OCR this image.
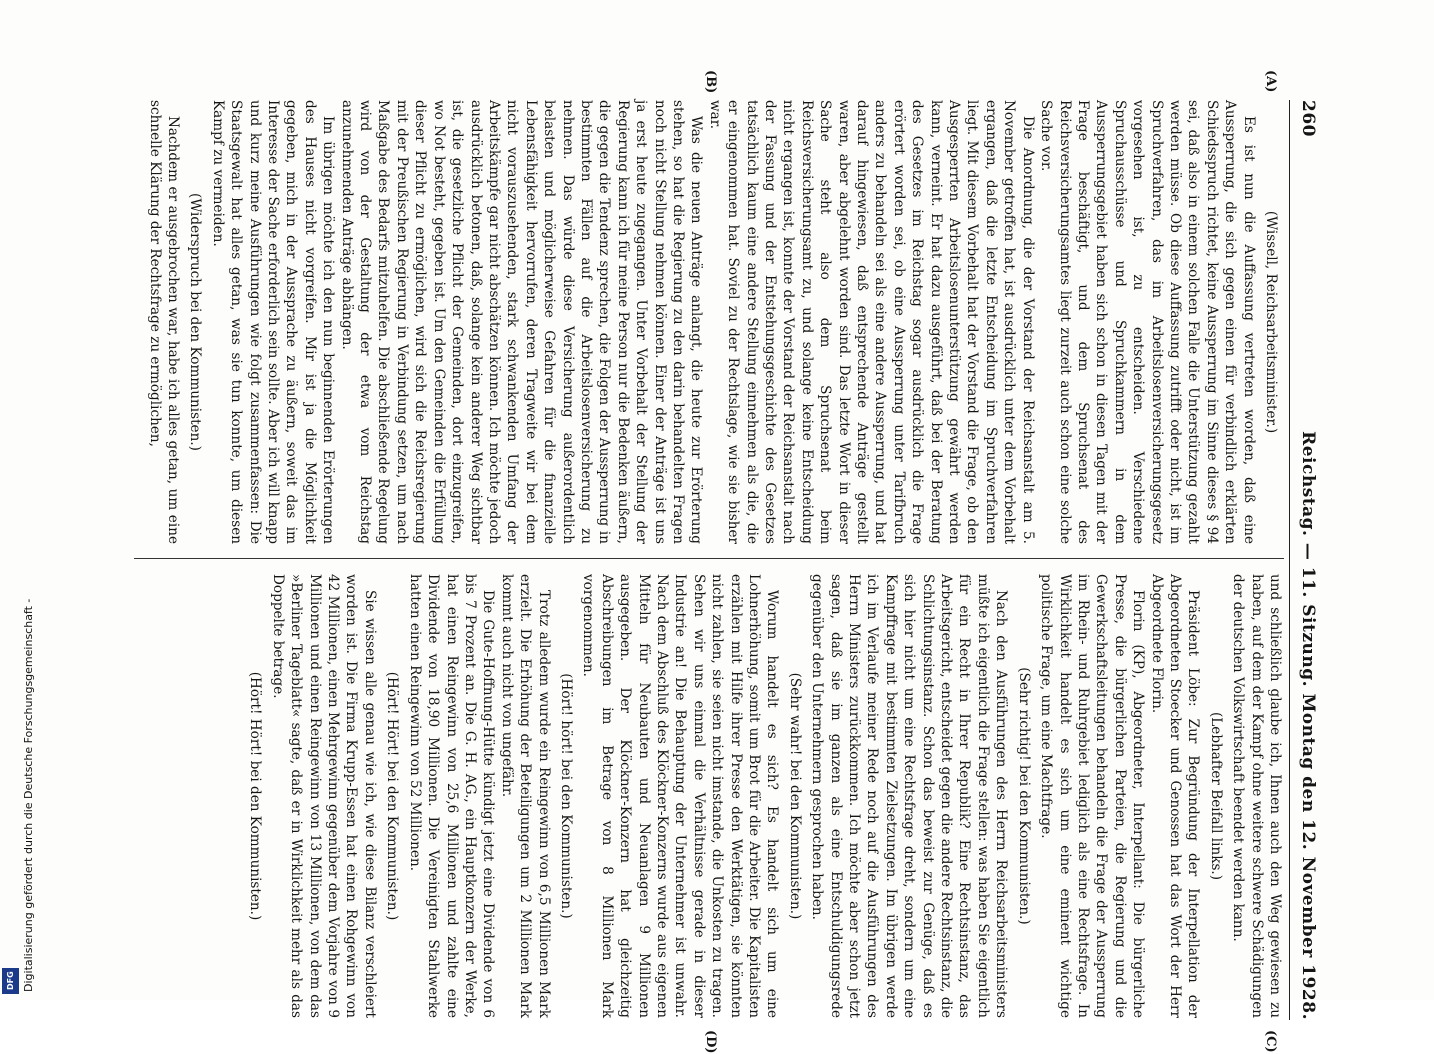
260
Reichstag. — 11. Sitzung. Montag den 12. November 1928.
(A)
(B)
(C)
(D)

(Wissell, Reichsarbeitsminister.)

Es ist nun die Auffassung vertreten worden, daß eine Aussperrung, die sich gegen einen für verbindlich erklärten Schiedsspruch richtet, keine Aussperrung im Sinne dieses § 94 sei, daß also in einem solchen Falle die Unterstützung gezahlt werden müsse. Ob diese Auffassung zutrifft oder nicht, ist im Spruchverfahren, das im Arbeitslosenversicherungsgesetz vorgesehen ist, zu entscheiden. Verschiedene Spruchausschüsse und Spruchkammern in dem Aussperrungsgebiet haben sich schon in diesen Tagen mit der Frage beschäftigt, und dem Spruchsenat des Reichsversicherungsamtes liegt zurzeit auch schon eine solche Sache vor.

Die Anordnung, die der Vorstand der Reichsanstalt am 5. November getroffen hat, ist ausdrücklich unter dem Vorbehalt ergangen, daß die letzte Entscheidung im Spruchverfahren liegt. Mit diesem Vorbehalt hat der Vorstand die Frage, ob den Ausgesperrten Arbeitslosenunterstützung gewährt werden kann, verneint. Er hat dazu ausgeführt, daß bei der Beratung des Gesetzes im Reichstag sogar ausdrücklich die Frage erörtert worden sei, ob eine Aussperrung unter Tarifbruch anders zu behandeln sei als eine andere Aussperrung, und hat darauf hingewiesen, daß entsprechende Anträge gestellt waren, aber abgelehnt worden sind. Das letzte Wort in dieser Sache steht also dem Spruchsenat beim Reichsversicherungsamt zu, und solange keine Entscheidung nicht ergangen ist, konnte der Vorstand der Reichsanstalt nach der Fassung und der Entstehungsgeschichte des Gesetzes tatsächlich kaum eine andere Stellung einnehmen als die, die er eingenommen hat. Soviel zu der Rechtslage, wie sie bisher war.

Was die neuen Anträge anlangt, die heute zur Erörterung stehen, so hat die Regierung zu den darin behandelten Fragen noch nicht Stellung nehmen können. Einer der Anträge ist uns ja erst heute zugegangen. Unter Vorbehalt der Stellung der Regierung kann ich für meine Person nur die Bedenken äußern, die gegen die Tendenz sprechen, die Folgen der Aussperrung in bestimmten Fällen auf die Arbeitslosenversicherung zu nehmen. Das würde diese Versicherung außerordentlich belasten und möglicherweise Gefahren für die finanzielle Lebensfähigkeit hervorrufen, deren Tragweite wir bei dem nicht vorauszusehenden, stark schwankenden Umfang der Arbeitskämpfe gar nicht abschätzen können. Ich möchte jedoch ausdrücklich betonen, daß, solange kein anderer Weg sichtbar ist, die gesetzliche Pflicht der Gemeinden, dort einzugreifen, wo Not besteht, gegeben ist. Um den Gemeinden die Erfüllung dieser Pflicht zu ermöglichen, wird sich die Reichsregierung mit der Preußischen Regierung in Verbindung setzen, um nach Maßgabe des Bedarfs mitzuhelfen. Die abschließende Regelung wird von der Gestaltung der etwa vom Reichstag anzunehmenden Anträge abhängen.

Im übrigen möchte ich den nun beginnenden Erörterungen des Hauses nicht vorgreifen. Mir ist ja die Möglichkeit gegeben, mich in der Aussprache zu äußern, soweit das im Interesse der Sache erforderlich sein sollte. Aber ich will knapp und kurz meine Ausführungen wie folgt zusammenfassen: Die Staatsgewalt hat alles getan, was sie tun konnte, um diesen Kampf zu vermeiden.

(Widerspruch bei den Kommunisten.)

Nachdem er ausgebrochen war, habe ich alles getan, um eine schnelle Klärung der Rechtsfrage zu ermöglichen,

und schließlich glaube ich, Ihnen auch den Weg gewiesen zu haben, auf dem der Kampf ohne weitere schwere Schädigungen der deutschen Volkswirtschaft beendet werden kann.

(Lebhafter Beifall links.)

Präsident Löbe: Zur Begründung der Interpellation der Abgeordneten Stoecker und Genossen hat das Wort der Herr Abgeordnete Florin.

Florin (KP), Abgeordneter, Interpellant: Die bürgerliche Presse, die bürgerlichen Parteien, die Regierung und die Gewerkschaftsleitungen behandeln die Frage der Aussperrung im Rhein- und Ruhrgebiet lediglich als eine Rechtsfrage. In Wirklichkeit handelt es sich um eine eminent wichtige politische Frage, um eine Machtfrage.

(Sehr richtig! bei den Kommunisten.)

Nach den Ausführungen des Herrn Reichsarbeitsministers müßte ich eigentlich die Frage stellen: was haben Sie eigentlich für ein Recht in Ihrer Republik? Eine Rechtsinstanz, das Arbeitsgericht, entscheidet gegen die andere Rechtsinstanz, die Schlichtungsinstanz. Schon das beweist zur Genüge, daß es sich hier nicht um eine Rechtsfrage dreht, sondern um eine Kampffrage mit bestimmten Zielsetzungen. Im übrigen werde ich im Verlaufe meiner Rede noch auf die Ausführungen des Herrn Ministers zurückkommen. Ich möchte aber schon jetzt sagen, daß sie im ganzen als eine Entschuldigungsrede gegenüber den Unternehmern gesprochen haben.

(Sehr wahr! bei den Kommunisten.)

Worum handelt es sich? Es handelt sich um eine Lohnerhöhung, somit um Brot für die Arbeiter. Die Kapitalisten erzählen mit Hilfe ihrer Presse den Werktätigen, sie könnten nicht zahlen, sie seien nicht imstande, die Unkosten zu tragen. Sehen wir uns einmal die Verhältnisse gerade in dieser Industrie an! Die Behauptung der Unternehmer ist unwahr. Nach dem Abschluß des Klöckner-Konzerns wurde aus eigenen Mitteln für Neubauten und Neuanlagen 9 Millionen ausgegeben. Der Klöckner-Konzern hat gleichzeitig Abschreibungen im Betrage von 8 Millionen Mark vorgenommen.

(Hört! hört! bei den Kommunisten.)

Trotz alledem wurde ein Reingewinn von 6,5 Millionen Mark erzielt. Die Erhöhung der Beteiligungen um 2 Millionen Mark kommt auch nicht von ungefähr.

Die Gute-Hoffnung-Hütte kündigt jetzt eine Dividende von 6 bis 7 Prozent an. Die G. H. AG., ein Hauptkonzern der Werke, hat einen Reingewinn von 25,6 Millionen und zahlte eine Dividende von 18,90 Millionen. Die Vereinigten Stahlwerke hatten einen Reingewinn von 52 Millionen.

(Hört! Hört! bei den Kommunisten.)

Sie wissen alle genau wie ich, wie diese Bilanz verschleiert worden ist. Die Firma Krupp-Essen hat einen Rohgewinn von 42 Millionen, einen Mehrgewinn gegenüber dem Vorjahre von 9 Millionen und einen Reingewinn von 13 Millionen, von dem das »Berliner Tageblatt« sagte, daß er in Wirklichkeit mehr als das Doppelte betrage.

(Hört! Hört! bei den Kommunisten.)

Digitalisierung gefördert durch die Deutsche Forschungsgemeinschaft -
DFG
